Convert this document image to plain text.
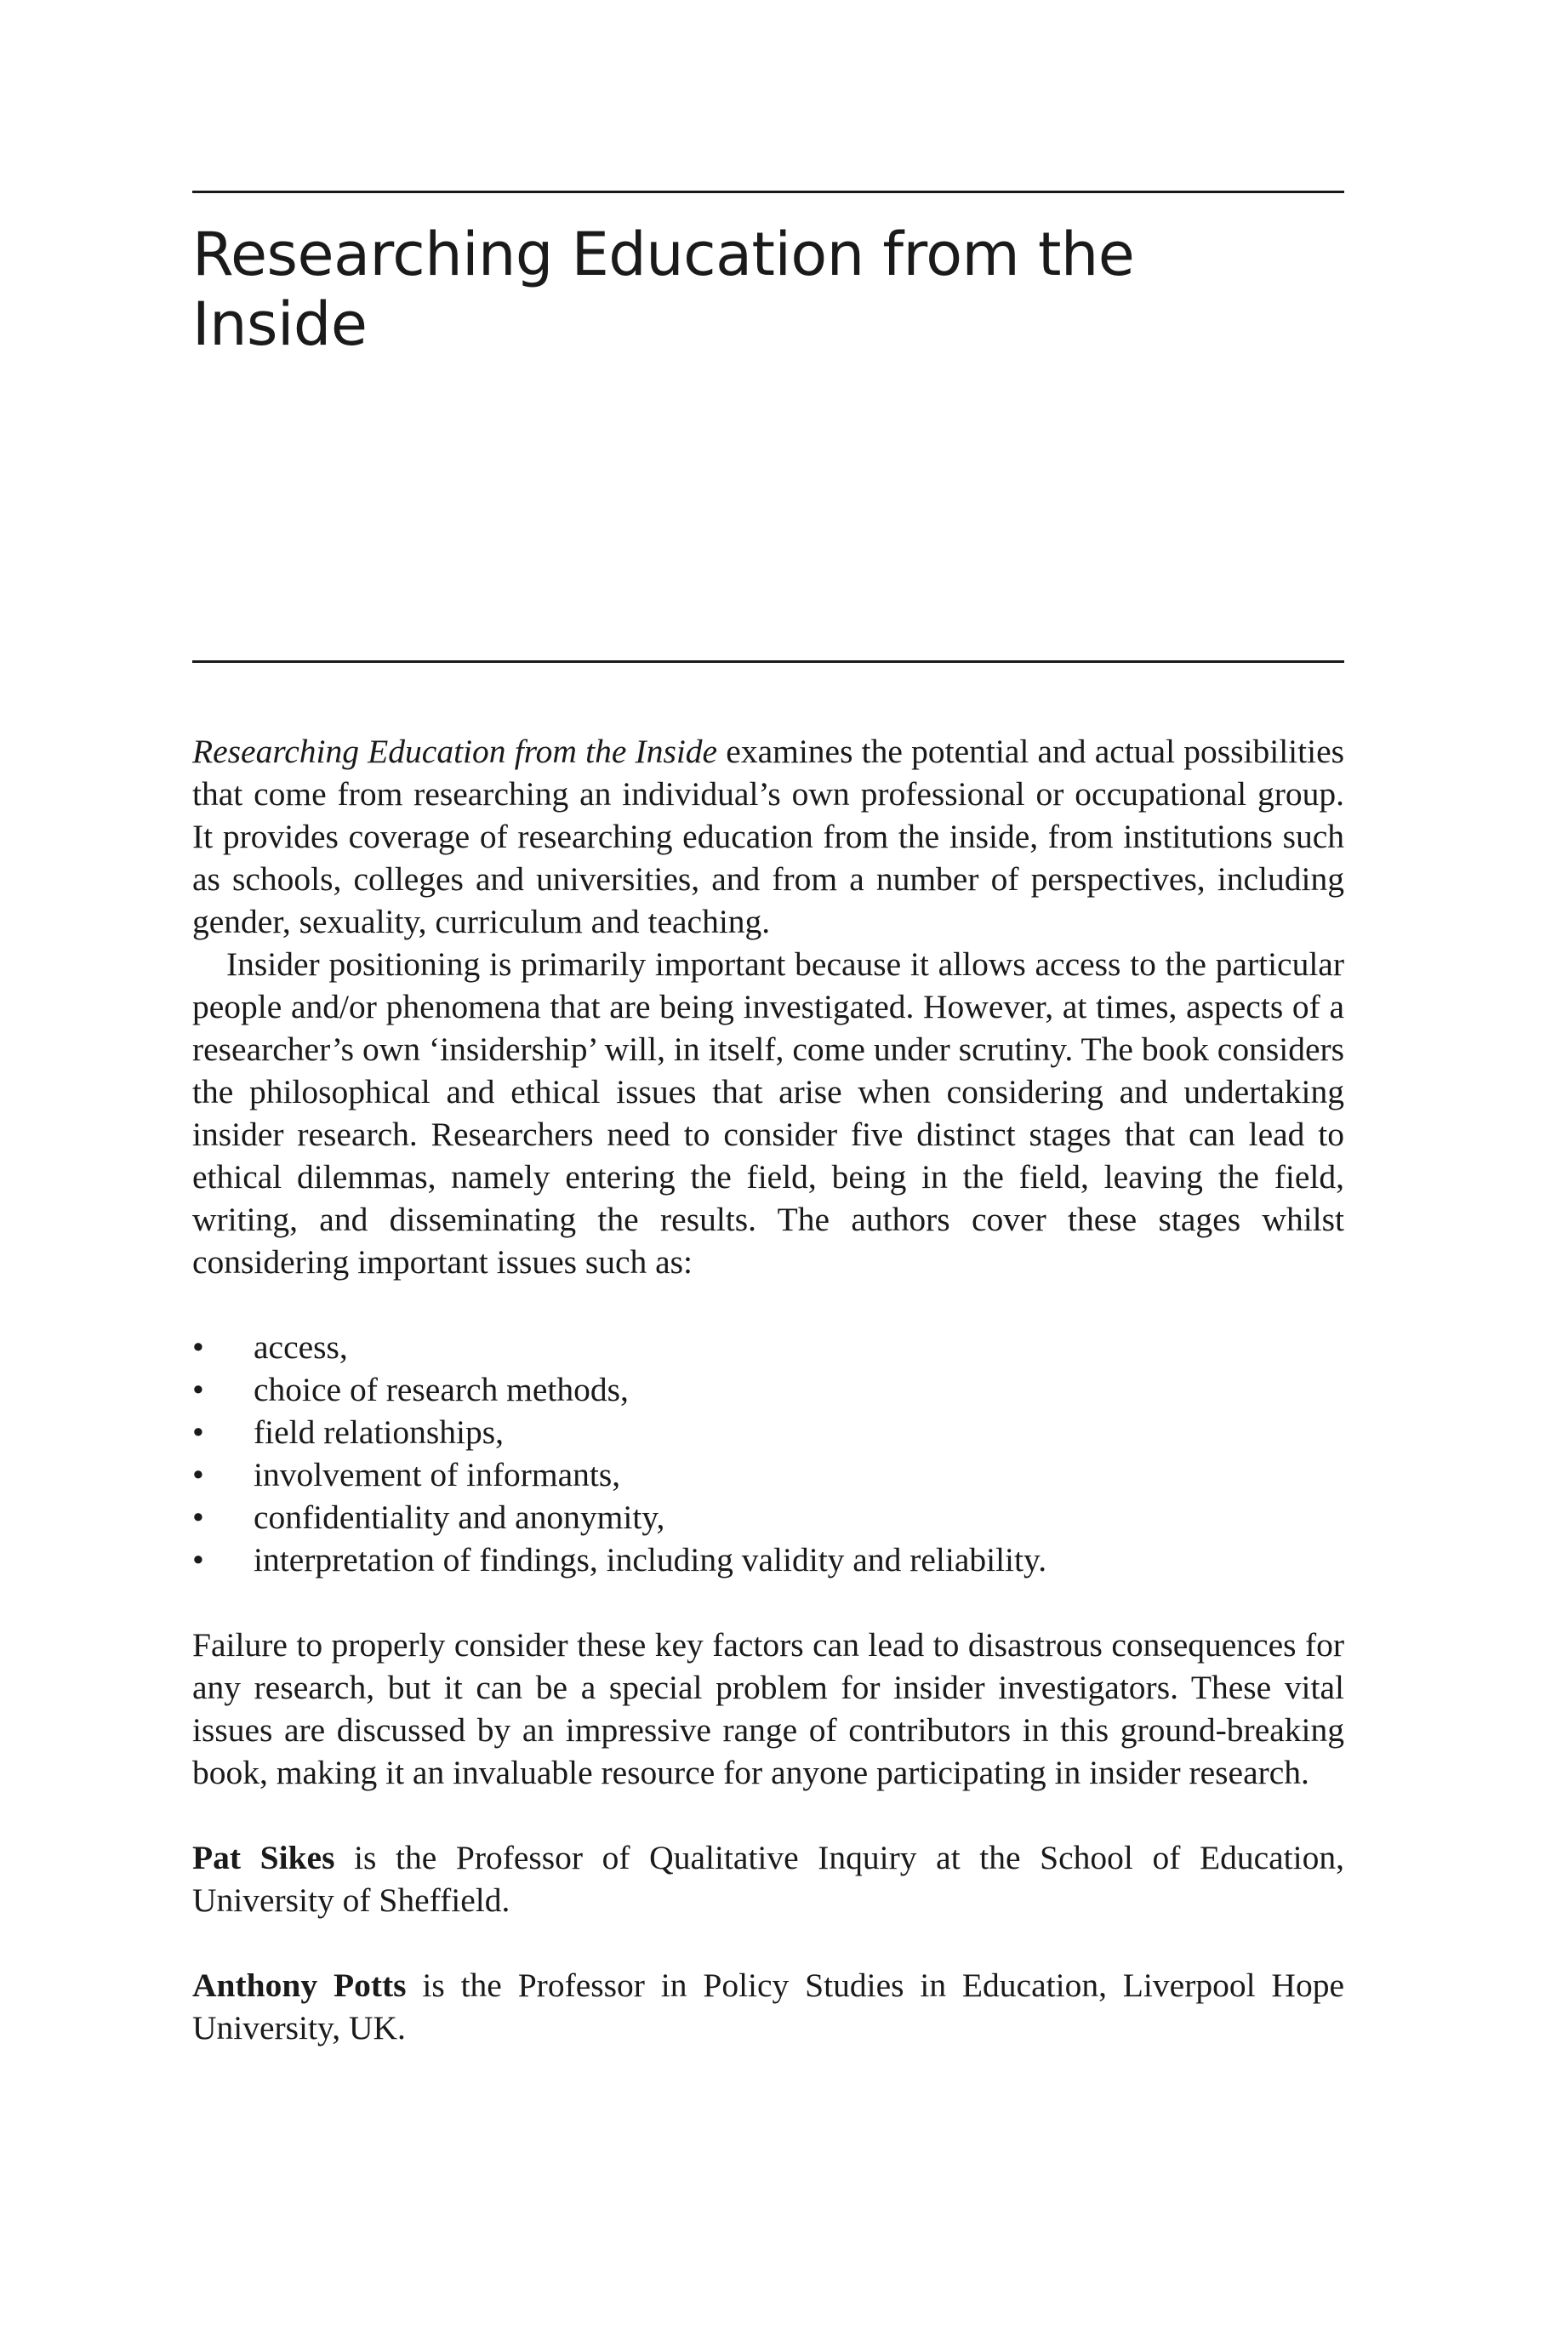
Researching Education from the
Inside

Researching Education from the Inside examines the potential and actual possibilities that come from researching an individual’s own professional or occupational group. It provides coverage of researching education from the inside, from institutions such as schools, colleges and universities, and from a number of perspectives, including gender, sexuality, curriculum and teaching.

Insider positioning is primarily important because it allows access to the particular people and/or phenomena that are being investigated. However, at times, aspects of a researcher’s own ‘insidership’ will, in itself, come under scrutiny. The book considers the philosophical and ethical issues that arise when considering and undertaking insider research. Researchers need to consider five distinct stages that can lead to ethical dilemmas, namely entering the field, being in the field, leaving the field, writing, and disseminating the results. The authors cover these stages whilst considering important issues such as:

•	access,
•	choice of research methods,
•	field relationships,
•	involvement of informants,
•	confidentiality and anonymity,
•	interpretation of findings, including validity and reliability.

Failure to properly consider these key factors can lead to disastrous consequences for any research, but it can be a special problem for insider investigators. These vital issues are discussed by an impressive range of contributors in this ground-breaking book, making it an invaluable resource for anyone participating in insider research.

Pat Sikes is the Professor of Qualitative Inquiry at the School of Education, University of Sheffield.

Anthony Potts is the Professor in Policy Studies in Education, Liverpool Hope University, UK.
